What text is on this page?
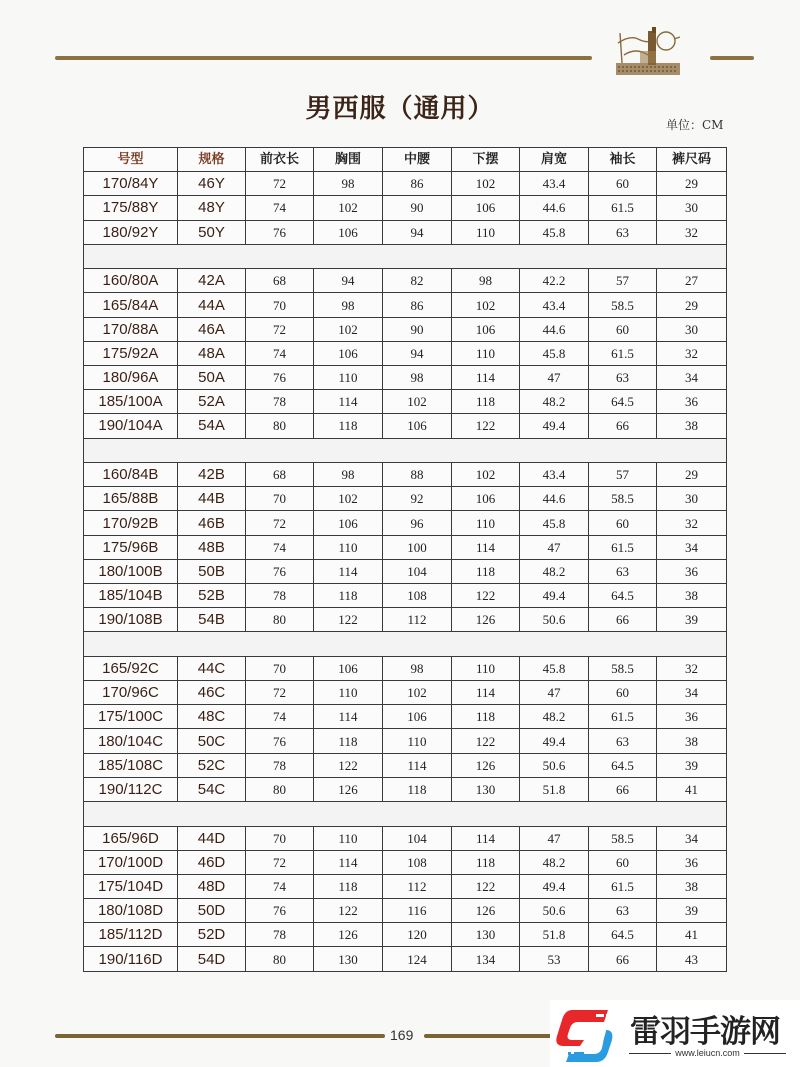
男西服（通用）
单位：CM
号型	规格	前衣长	胸围	中腰	下摆	肩宽	袖长	裤尺码
170/84Y	46Y	72	98	86	102	43.4	60	29
175/88Y	48Y	74	102	90	106	44.6	61.5	30
180/92Y	50Y	76	106	94	110	45.8	63	32

160/80A	42A	68	94	82	98	42.2	57	27
165/84A	44A	70	98	86	102	43.4	58.5	29
170/88A	46A	72	102	90	106	44.6	60	30
175/92A	48A	74	106	94	110	45.8	61.5	32
180/96A	50A	76	110	98	114	47	63	34
185/100A	52A	78	114	102	118	48.2	64.5	36
190/104A	54A	80	118	106	122	49.4	66	38

160/84B	42B	68	98	88	102	43.4	57	29
165/88B	44B	70	102	92	106	44.6	58.5	30
170/92B	46B	72	106	96	110	45.8	60	32
175/96B	48B	74	110	100	114	47	61.5	34
180/100B	50B	76	114	104	118	48.2	63	36
185/104B	52B	78	118	108	122	49.4	64.5	38
190/108B	54B	80	122	112	126	50.6	66	39

165/92C	44C	70	106	98	110	45.8	58.5	32
170/96C	46C	72	110	102	114	47	60	34
175/100C	48C	74	114	106	118	48.2	61.5	36
180/104C	50C	76	118	110	122	49.4	63	38
185/108C	52C	78	122	114	126	50.6	64.5	39
190/112C	54C	80	126	118	130	51.8	66	41

165/96D	44D	70	110	104	114	47	58.5	34
170/100D	46D	72	114	108	118	48.2	60	36
175/104D	48D	74	118	112	122	49.4	61.5	38
180/108D	50D	76	122	116	126	50.6	63	39
185/112D	52D	78	126	120	130	51.8	64.5	41
190/116D	54D	80	130	124	134	53	66	43
169	雷羽手游网
www.leiucn.com
